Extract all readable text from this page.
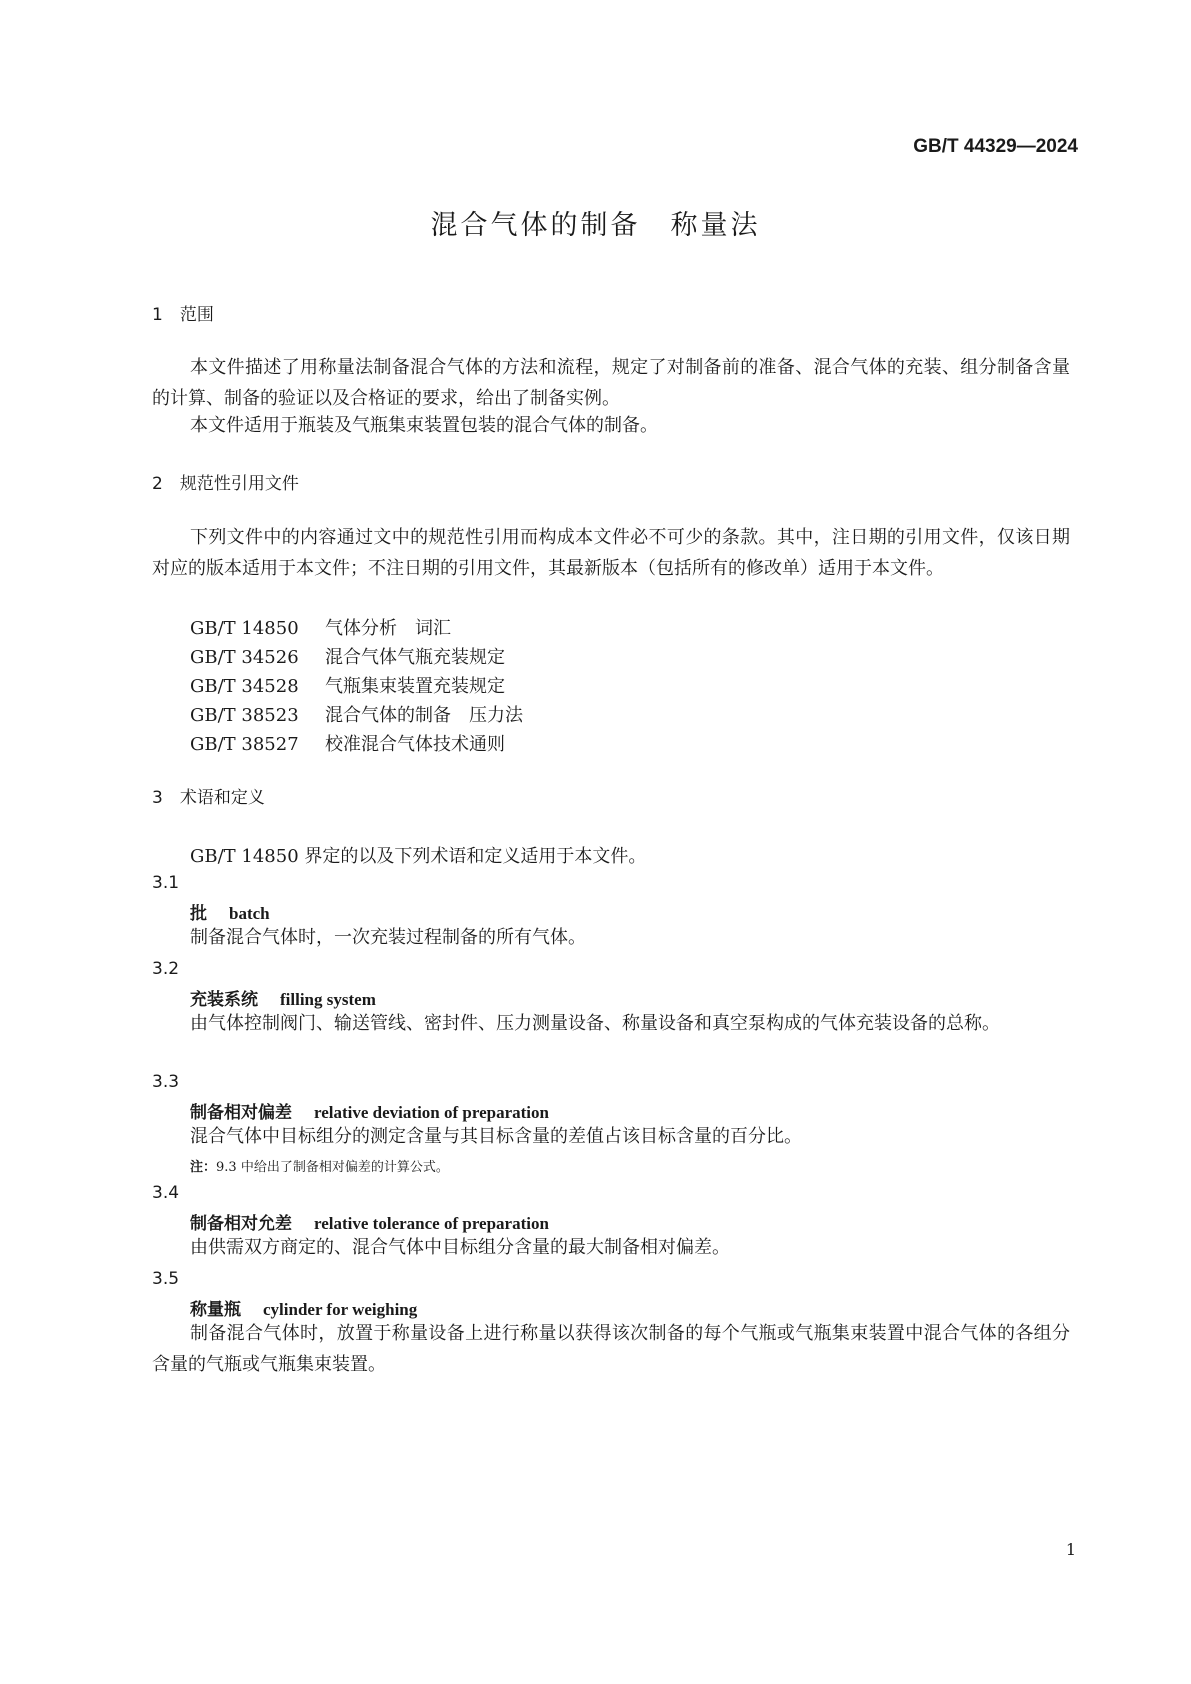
GB/T 44329—2024
混合气体的制备　称量法
1　 范围
本文件描述了用称量法制备混合气体的方法和流程，规定了对制备前的准备、混合气体的充装、组分制备含量的计算、制备的验证以及合格证的要求，给出了制备实例。
本文件适用于瓶装及气瓶集束装置包装的混合气体的制备。
2　 规范性引用文件
下列文件中的内容通过文中的规范性引用而构成本文件必不可少的条款。其中，注日期的引用文件，仅该日期对应的版本适用于本文件；不注日期的引用文件，其最新版本（包括所有的修改单）适用于本文件。
GB/T 14850 气体分析　词汇
GB/T 34526 混合气体气瓶充装规定
GB/T 34528 气瓶集束装置充装规定
GB/T 38523 混合气体的制备　压力法
GB/T 38527 校准混合气体技术通则
3　 术语和定义
GB/T 14850 界定的以及下列术语和定义适用于本文件。
3.1
批 batch
制备混合气体时，一次充装过程制备的所有气体。
3.2
充装系统 filling system
由气体控制阀门、输送管线、密封件、压力测量设备、称量设备和真空泵构成的气体充装设备的总称。
3.3
制备相对偏差 relative deviation of preparation
混合气体中目标组分的测定含量与其目标含量的差值占该目标含量的百分比。
注：9.3 中给出了制备相对偏差的计算公式。
3.4
制备相对允差 relative tolerance of preparation
由供需双方商定的、混合气体中目标组分含量的最大制备相对偏差。
3.5
称量瓶 cylinder for weighing
制备混合气体时，放置于称量设备上进行称量以获得该次制备的每个气瓶或气瓶集束装置中混合气体的各组分含量的气瓶或气瓶集束装置。
1
